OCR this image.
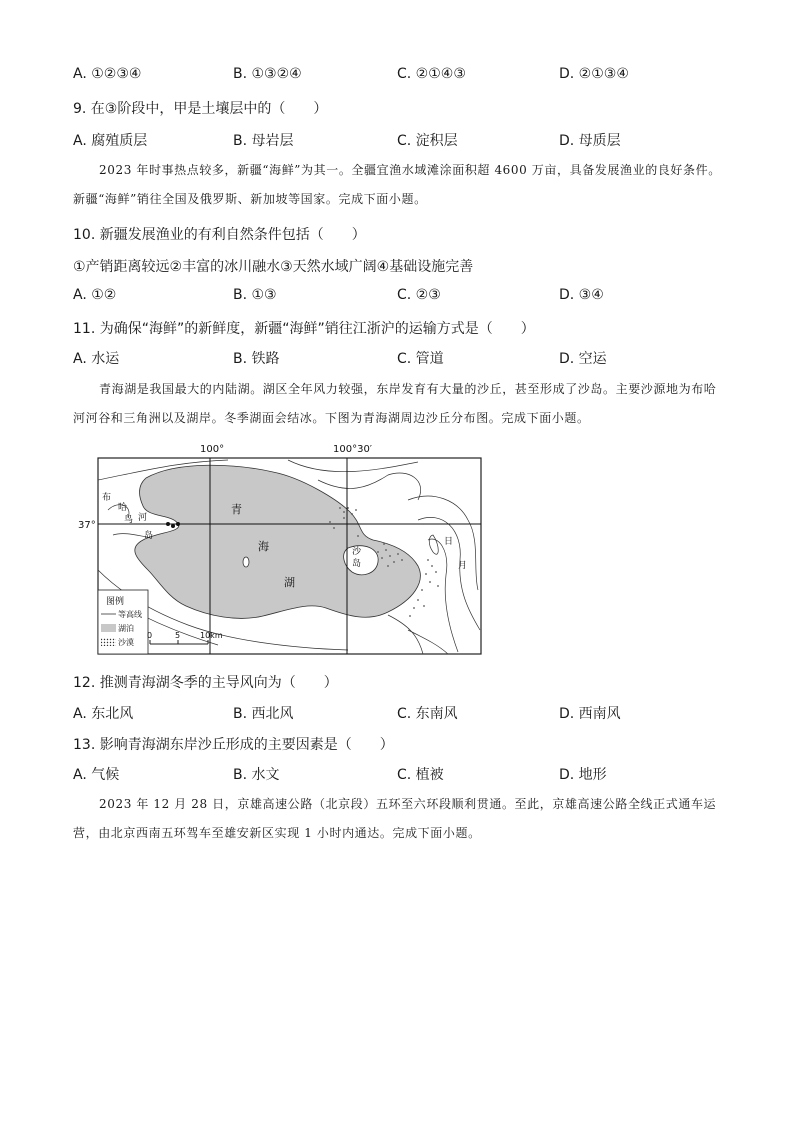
A. ①②③④	B. ①③②④	C. ②①④③	D. ②①③④
9. 在③阶段中，甲是土壤层中的（　　）
A. 腐殖质层	B. 母岩层	C. 淀积层	D. 母质层
2023 年时事热点较多，新疆“海鲜”为其一。全疆宜渔水域滩涂面积超 4600 万亩，具备发展渔业的良好条件。新疆“海鲜”销往全国及俄罗斯、新加坡等国家。完成下面小题。
10. 新疆发展渔业的有利自然条件包括（　　）
①产销距离较远②丰富的冰川融水③天然水域广阔④基础设施完善
A. ①②	B. ①③	C. ②③	D. ③④
11. 为确保“海鲜”的新鲜度，新疆“海鲜”销往江浙沪的运输方式是（　　）
A. 水运	B. 铁路	C. 管道	D. 空运
青海湖是我国最大的内陆湖。湖区全年风力较强，东岸发育有大量的沙丘，甚至形成了沙岛。主要沙源地为布哈河河谷和三角洲以及湖岸。冬季湖面会结冰。下图为青海湖周边沙丘分布图。完成下面小题。
100°	100°30′
37°
青
海
湖
布
哈
河
鸟
岛
沙
岛
日
月
图例
等高线
湖泊
沙漠
0	5 10km
12. 推测青海湖冬季的主导风向为（　　）
A. 东北风	B. 西北风	C. 东南风	D. 西南风
13. 影响青海湖东岸沙丘形成的主要因素是（　　）
A. 气候	B. 水文	C. 植被	D. 地形
2023 年 12 月 28 日，京雄高速公路（北京段）五环至六环段顺利贯通。至此，京雄高速公路全线正式通车运营，由北京西南五环驾车至雄安新区实现 1 小时内通达。完成下面小题。
